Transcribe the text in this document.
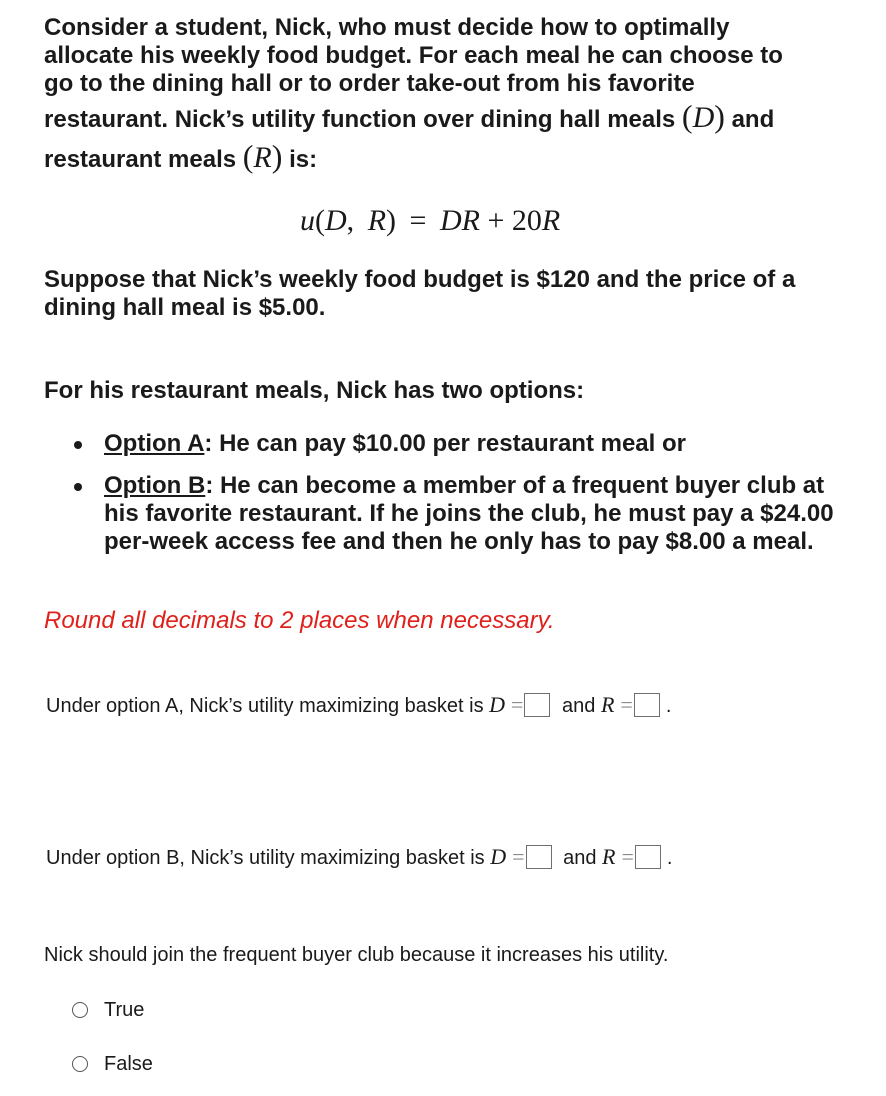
Consider a student, Nick, who must decide how to optimally
allocate his weekly food budget. For each meal he can choose to
go to the dining hall or to order take-out from his favorite
restaurant. Nick’s utility function over dining hall meals (D) and
restaurant meals (R) is:
u(D,  R)  =  DR + 20R
Suppose that Nick’s weekly food budget is $120 and the price of a
dining hall meal is $5.00.
For his restaurant meals, Nick has two options:
Option A: He can pay $10.00 per restaurant meal or
Option B: He can become a member of a frequent buyer club at his favorite restaurant. If he joins the club, he must pay a $24.00 per-week access fee and then he only has to pay $8.00 a meal.
Round all decimals to 2 places when necessary.
Under option A, Nick’s utility maximizing basket is D = and R = .
Under option B, Nick’s utility maximizing basket is D = and R = .
Nick should join the frequent buyer club because it increases his utility.
True
False
